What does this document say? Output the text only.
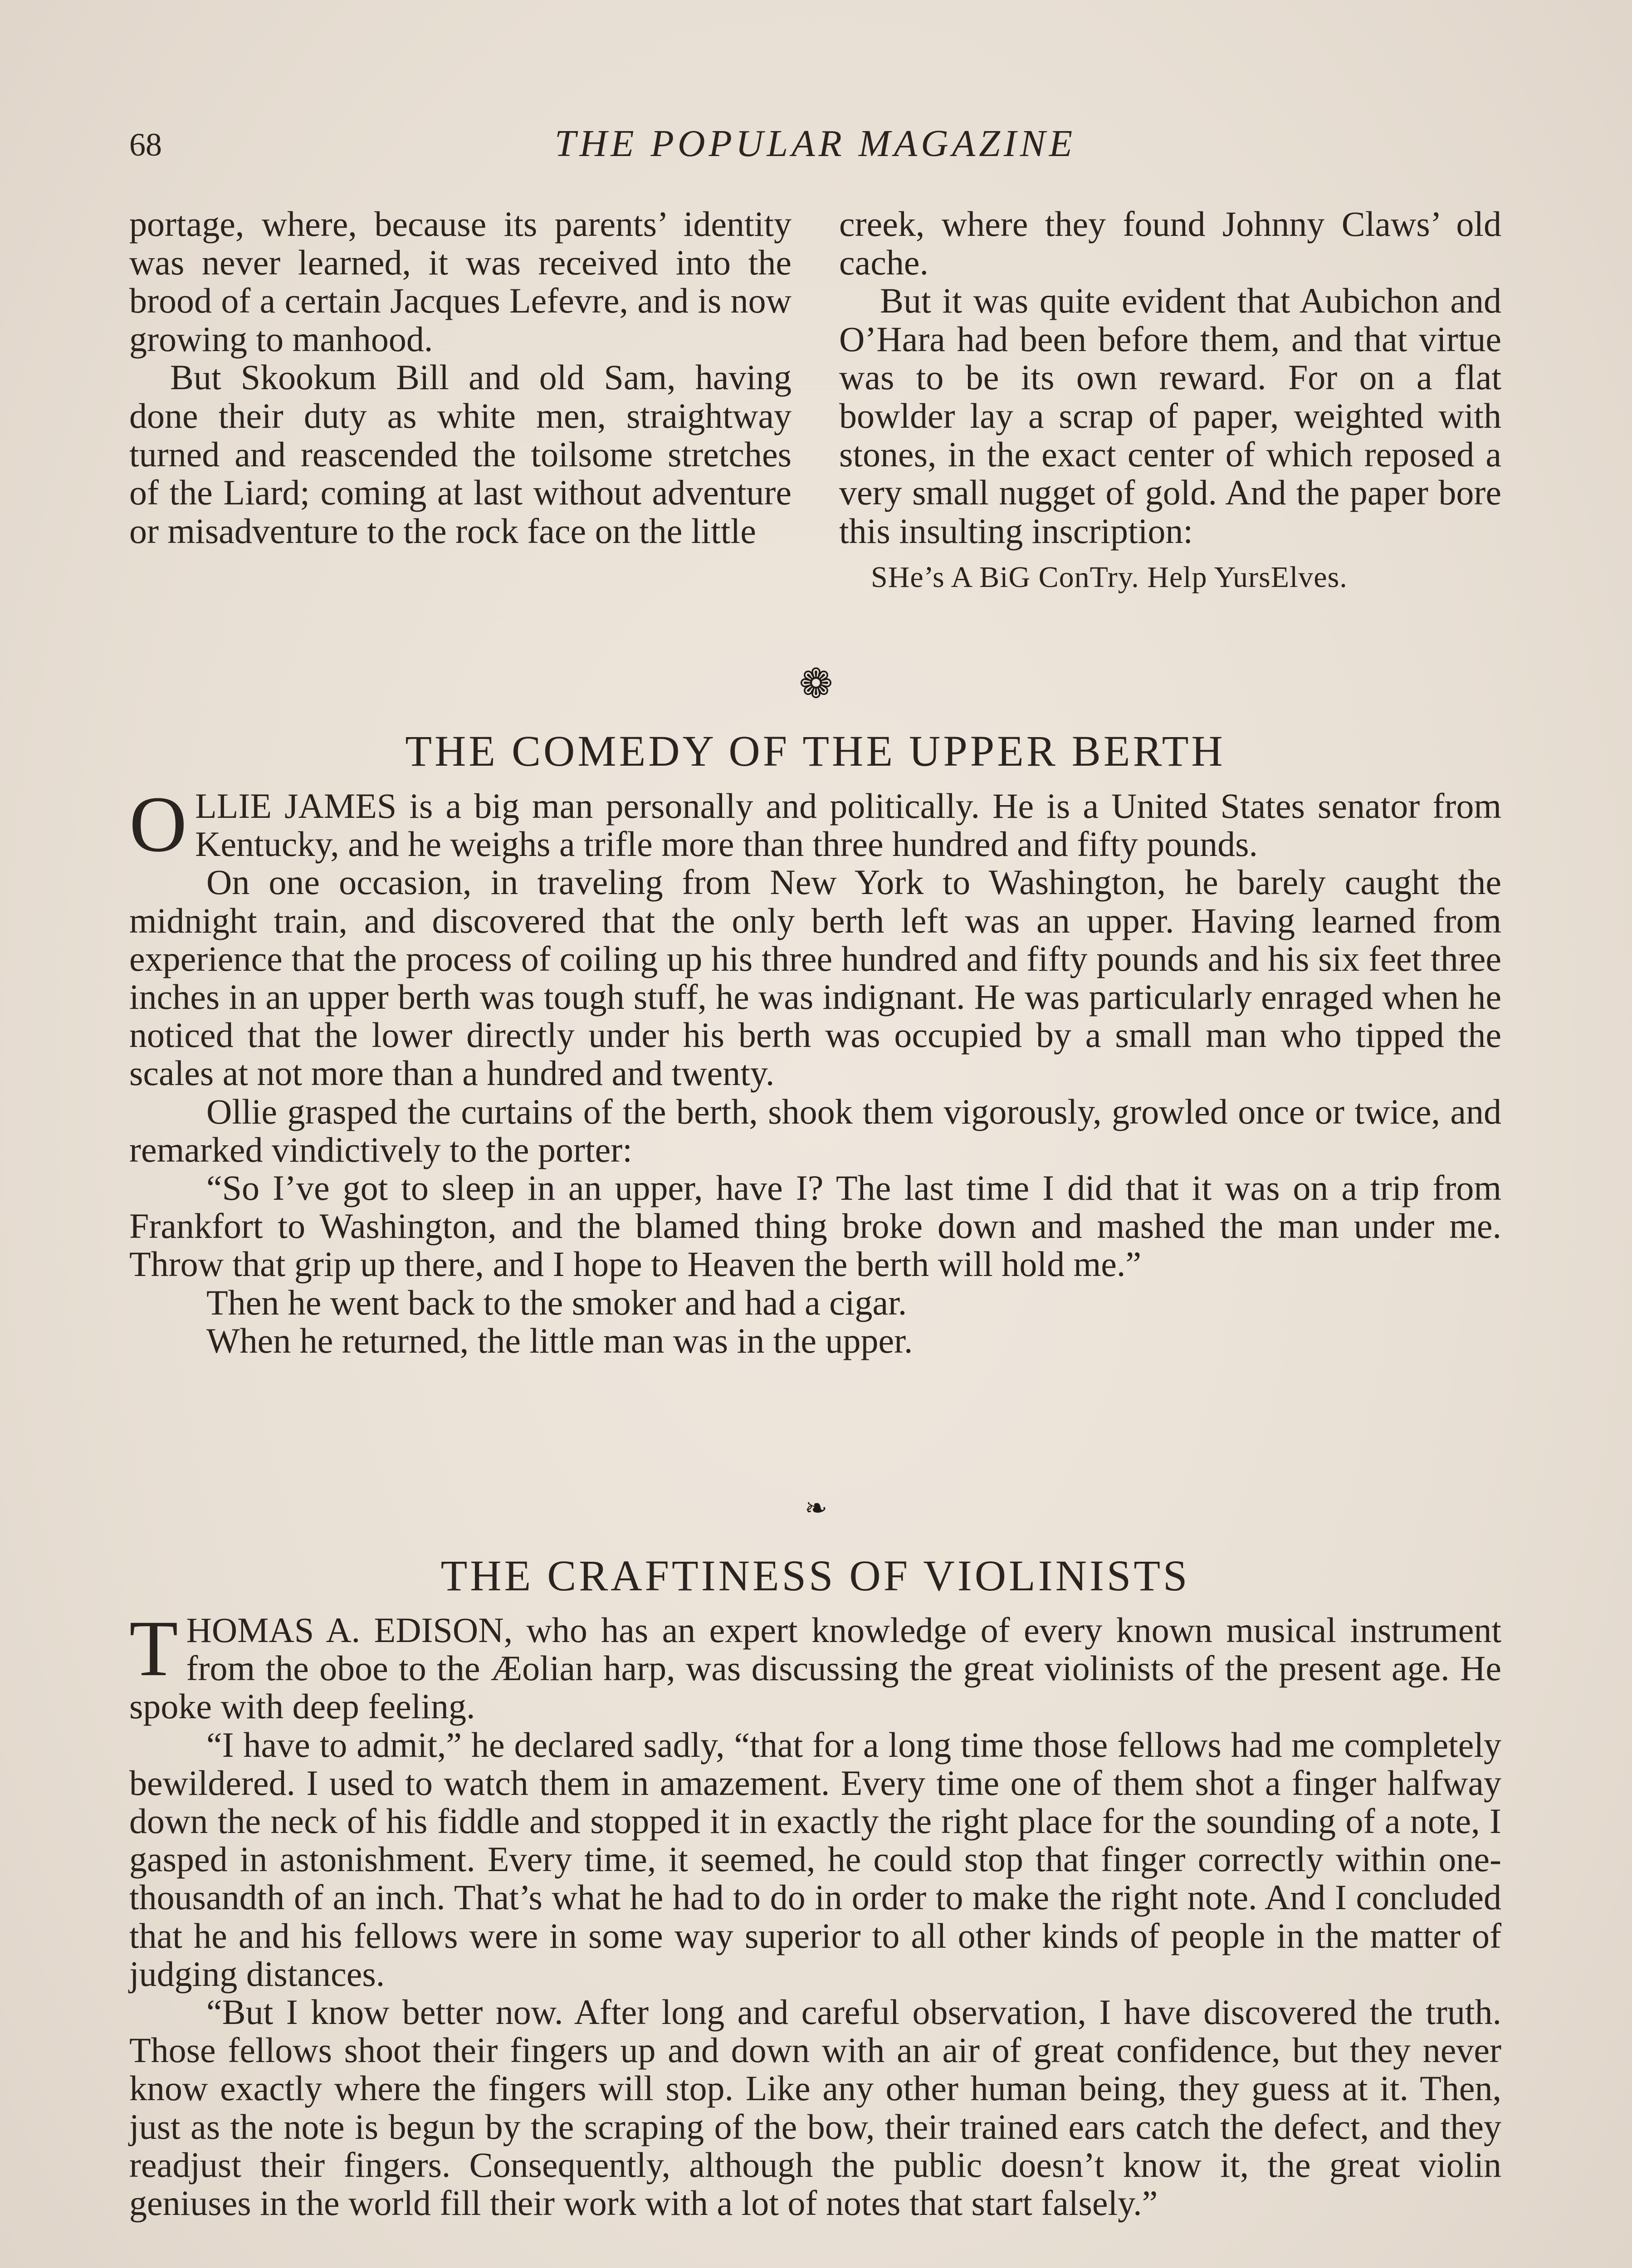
68	THE POPULAR MAGAZINE

portage, where, because its parents’ identity was never learned, it was received into the brood of a certain Jacques Lefevre, and is now growing to manhood.

But Skookum Bill and old Sam, having done their duty as white men, straightway turned and reascended the toilsome stretches of the Liard; coming at last without adventure or misadventure to the rock face on the little

creek, where they found Johnny Claws’ old cache.

But it was quite evident that Aubichon and O’Hara had been before them, and that virtue was to be its own reward. For on a flat bowlder lay a scrap of paper, weighted with stones, in the exact center of which reposed a very small nugget of gold. And the paper bore this insulting inscription:

SHe’s A BiG ConTry. Help YursElves.

❁
THE COMEDY OF THE UPPER BERTH

OLLIE JAMES is a big man personally and politically. He is a United States senator from Kentucky, and he weighs a trifle more than three hundred and fifty pounds.

On one occasion, in traveling from New York to Washington, he barely caught the midnight train, and discovered that the only berth left was an upper. Having learned from experience that the process of coiling up his three hundred and fifty pounds and his six feet three inches in an upper berth was tough stuff, he was indignant. He was particularly enraged when he noticed that the lower directly under his berth was occupied by a small man who tipped the scales at not more than a hundred and twenty.

Ollie grasped the curtains of the berth, shook them vigorously, growled once or twice, and remarked vindictively to the porter:

“So I’ve got to sleep in an upper, have I? The last time I did that it was on a trip from Frankfort to Washington, and the blamed thing broke down and mashed the man under me. Throw that grip up there, and I hope to Heaven the berth will hold me.”

Then he went back to the smoker and had a cigar.

When he returned, the little man was in the upper.

❧
THE CRAFTINESS OF VIOLINISTS

THOMAS A. EDISON, who has an expert knowledge of every known musical instrument from the oboe to the Æolian harp, was discussing the great violinists of the present age. He spoke with deep feeling.

“I have to admit,” he declared sadly, “that for a long time those fellows had me completely bewildered. I used to watch them in amazement. Every time one of them shot a finger halfway down the neck of his fiddle and stopped it in exactly the right place for the sounding of a note, I gasped in astonishment. Every time, it seemed, he could stop that finger correctly within one-thousandth of an inch. That’s what he had to do in order to make the right note. And I concluded that he and his fellows were in some way superior to all other kinds of people in the matter of judging distances.

“But I know better now. After long and careful observation, I have discovered the truth. Those fellows shoot their fingers up and down with an air of great confidence, but they never know exactly where the fingers will stop. Like any other human being, they guess at it. Then, just as the note is begun by the scraping of the bow, their trained ears catch the defect, and they readjust their fingers. Consequently, although the public doesn’t know it, the great violin geniuses in the world fill their work with a lot of notes that start falsely.”
